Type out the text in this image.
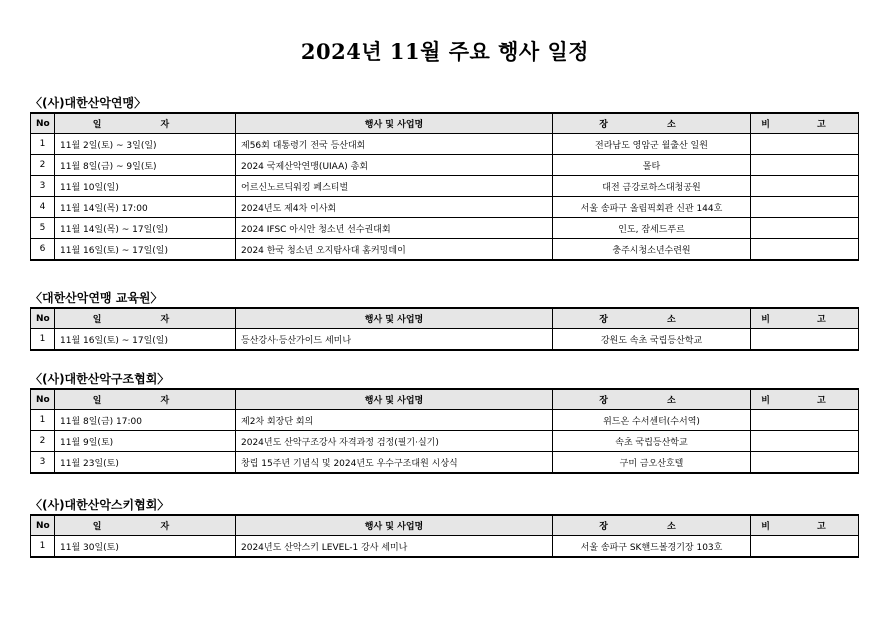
2024년 11월 주요 행사 일정
〈(사)대한산악연맹〉
No	일 자	행사 및 사업명	장 소	비 고
1	11월 2일(토) ~ 3일(일)	제56회 대통령기 전국 등산대회	전라남도 영암군 월출산 일원	
2	11월 8일(금) ~ 9일(토)	2024 국제산악연맹(UIAA) 총회	몰타	
3	11월 10일(일)	어르신노르딕워킹 페스티벌	대전 금강로하스대청공원	
4	11월 14일(목) 17:00	2024년도 제4차 이사회	서울 송파구 올림픽회관 신관 144호	
5	11월 14일(목) ~ 17일(일)	2024 IFSC 아시안 청소년 선수권대회	인도, 잠세드푸르	
6	11월 16일(토) ~ 17일(일)	2024 한국 청소년 오지탐사대 홈커밍데이	충주시청소년수련원	
〈대한산악연맹 교육원〉
No	일 자	행사 및 사업명	장 소	비 고
1	11월 16일(토) ~ 17일(일)	등산강사·등산가이드 세미나	강원도 속초 국립등산학교	
〈(사)대한산악구조협회〉
No	일 자	행사 및 사업명	장 소	비 고
1	11월 8일(금) 17:00	제2차 회장단 회의	위드온 수서센터(수서역)	
2	11월 9일(토)	2024년도 산악구조강사 자격과정 검정(필기·실기)	속초 국립등산학교	
3	11월 23일(토)	창립 15주년 기념식 및 2024년도 우수구조대원 시상식	구미 금오산호텔	
〈(사)대한산악스키협회〉
No	일 자	행사 및 사업명	장 소	비 고
1	11월 30일(토)	2024년도 산악스키 LEVEL-1 강사 세미나	서울 송파구 SK핸드볼경기장 103호	
